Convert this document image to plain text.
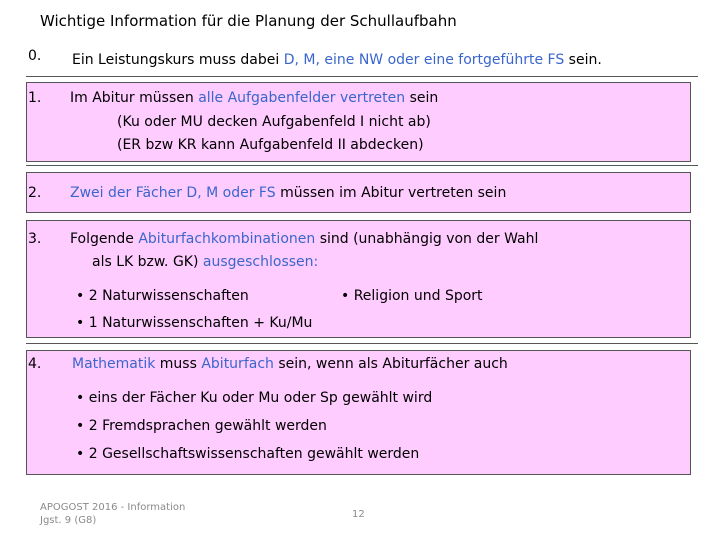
Wichtige Information für die Planung der Schullaufbahn
0. Ein Leistungskurs muss dabei D, M, eine NW oder eine fortgeführte FS sein.
1. Im Abitur müssen alle Aufgabenfelder vertreten sein
(Ku oder MU decken Aufgabenfeld I nicht ab)
(ER bzw KR kann Aufgabenfeld II abdecken)
2. Zwei der Fächer D, M oder FS müssen im Abitur vertreten sein
3. Folgende Abiturfachkombinationen sind (unabhängig von der Wahl
als LK bzw. GK) ausgeschlossen:
• 2 Naturwissenschaften	• Religion und Sport
• 1 Naturwissenschaften + Ku/Mu
4. Mathematik muss Abiturfach sein, wenn als Abiturfächer auch
• eins der Fächer Ku oder Mu oder Sp gewählt wird
• 2 Fremdsprachen gewählt werden
• 2 Gesellschaftswissenschaften gewählt werden
APOGOST 2016 - Information
Jgst. 9 (G8)
12
